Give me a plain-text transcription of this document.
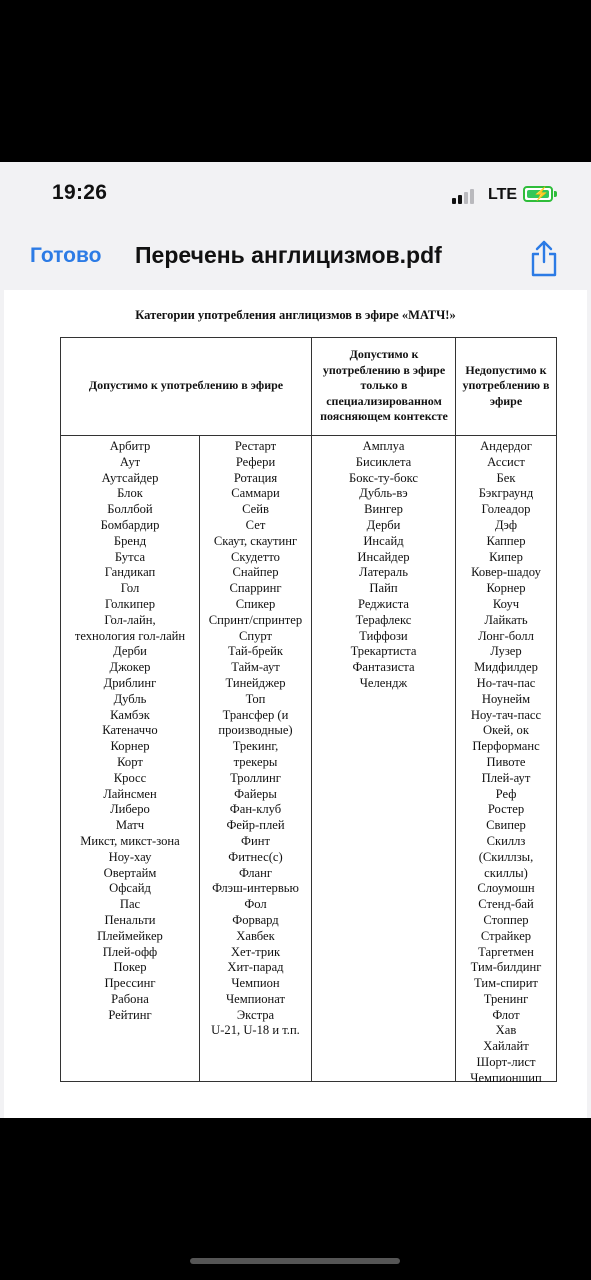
19:26	LTE ⚡
Готово Перечень англицизмов.pdf
Категории употребления англицизмов в эфире «МАТЧ!»
Допустимо к употреблению в эфире
Допустимо к употреблению в эфире только в специализированном поясняющем контексте
Недопустимо к употреблению в эфире
Арбитр
Аут
Аутсайдер
Блок
Боллбой
Бомбардир
Бренд
Бутса
Гандикап
Гол
Голкипер
Гол-лайн,
технология гол-лайн
Дерби
Джокер
Дриблинг
Дубль
Камбэк
Катеначчо
Корнер
Корт
Кросс
Лайнсмен
Либеро
Матч
Микст, микст-зона
Ноу-хау
Овертайм
Офсайд
Пас
Пенальти
Плеймейкер
Плей-офф
Покер
Прессинг
Рабона
Рейтинг
Рестарт
Рефери
Ротация
Саммари
Сейв
Сет
Скаут, скаутинг
Скудетто
Снайпер
Спарринг
Спикер
Спринт/спринтер
Спурт
Тай-брейк
Тайм-аут
Тинейджер
Топ
Трансфер (и
производные)
Трекинг,
трекеры
Троллинг
Файеры
Фан-клуб
Фейр-плей
Финт
Фитнес(с)
Фланг
Флэш-интервью
Фол
Форвард
Хавбек
Хет-трик
Хит-парад
Чемпион
Чемпионат
Экстра
U-21, U-18 и т.п.
Амплуа
Бисиклета
Бокс-ту-бокс
Дубль-вэ
Вингер
Дерби
Инсайд
Инсайдер
Латераль
Пайп
Реджиста
Терафлекс
Тиффози
Трекартиста
Фантазиста
Челендж
Андердог
Ассист
Бек
Бэкграунд
Голеадор
Дэф
Каппер
Кипер
Ковер-шадоу
Корнер
Коуч
Лайкать
Лонг-болл
Лузер
Мидфилдер
Но-тач-пас
Ноунейм
Ноу-тач-пасс
Окей, ок
Перформанс
Пивоте
Плей-аут
Реф
Ростер
Свипер
Скиллз
(Скиллзы,
скиллы)
Слоумошн
Стенд-бай
Стоппер
Страйкер
Таргетмен
Тим-билдинг
Тим-спирит
Тренинг
Флот
Хав
Хайлайт
Шорт-лист
Чемпионшип
